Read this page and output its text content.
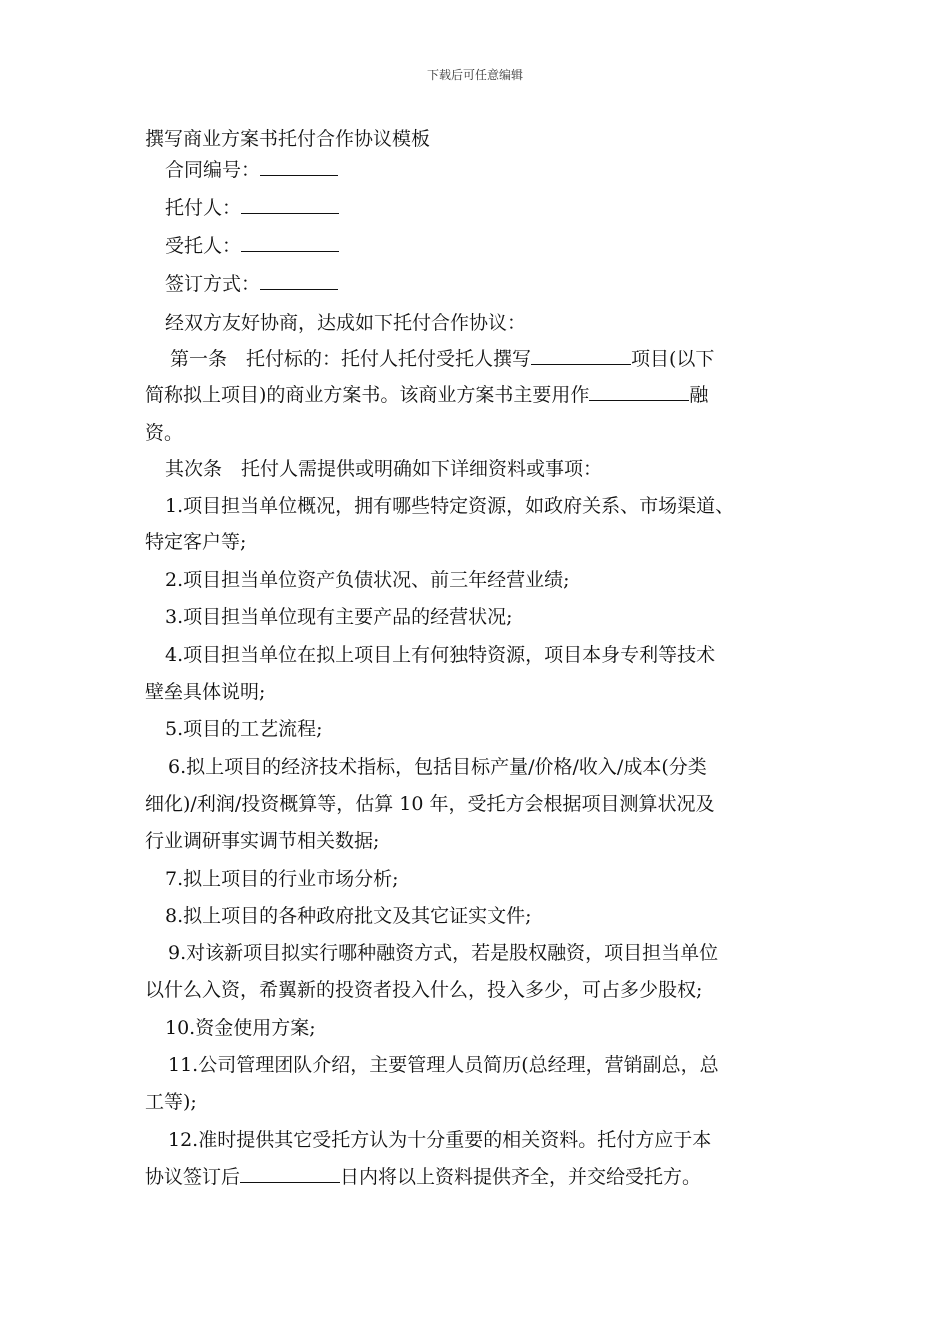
下载后可任意编辑
撰写商业方案书托付合作协议模板
合同编号：
托付人：
受托人：
签订方式：
经双方友好协商，达成如下托付合作协议：
第一条　托付标的：托付人托付受托人撰写	项目(以下
简称拟上项目)的商业方案书。该商业方案书主要用作	融
资。
其次条　托付人需提供或明确如下详细资料或事项：
1.项目担当单位概况，拥有哪些特定资源，如政府关系、市场渠道、
特定客户等;
2.项目担当单位资产负债状况、前三年经营业绩;
3.项目担当单位现有主要产品的经营状况;
4.项目担当单位在拟上项目上有何独特资源，项目本身专利等技术
壁垒具体说明;
5.项目的工艺流程;
6.拟上项目的经济技术指标，包括目标产量/价格/收入/成本(分类
细化)/利润/投资概算等，估算 10 年，受托方会根据项目测算状况及
行业调研事实调节相关数据;
7.拟上项目的行业市场分析;
8.拟上项目的各种政府批文及其它证实文件;
9.对该新项目拟实行哪种融资方式，若是股权融资，项目担当单位
以什么入资，希翼新的投资者投入什么，投入多少，可占多少股权;
10.资金使用方案;
11.公司管理团队介绍，主要管理人员简历(总经理，营销副总，总
工等);
12.准时提供其它受托方认为十分重要的相关资料。托付方应于本
协议签订后	日内将以上资料提供齐全，并交给受托方。
